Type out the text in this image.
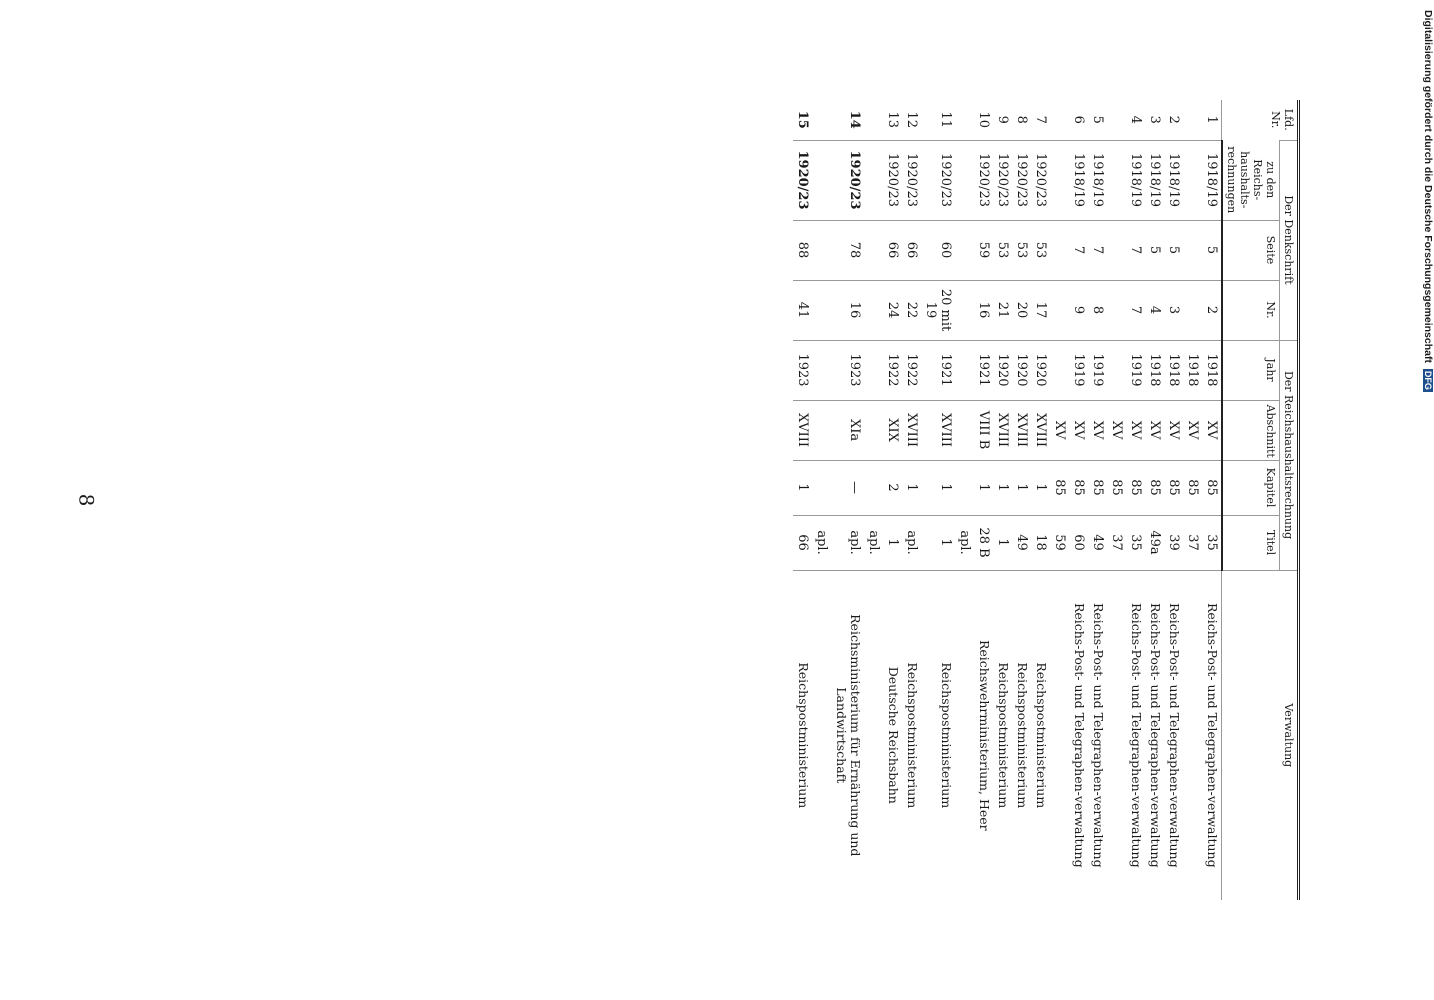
8
Digitalisierung gefördert durch die Deutsche Forschungsgemeinschaft DFG
Lfd. Nr.	Der Denkschrift			Der Reichshaushaltsrechnung				Verwaltung
	zu den Reichs-haushalts-rechnungen	Seite	Nr.	Jahr	Abschnitt	Kapitel	Titel	
1	1918/19	5	2	1918	XV	85	35	Reichs-Post- und Telegraphen-verwaltung
				1918	XV	85	37	
2	1918/19	5	3	1918	XV	85	39	Reichs-Post- und Telegraphen-verwaltung
3	1918/19	5	4	1918	XV	85	49a	Reichs-Post- und Telegraphen-verwaltung
4	1918/19	7	7	1919	XV	85	35	Reichs-Post- und Telegraphen-verwaltung
					XV	85	37	
5	1918/19	7	8	1919	XV	85	49	Reichs-Post- und Telegraphen-verwaltung
6	1918/19	7	9	1919	XV	85	60	Reichs-Post- und Telegraphen-verwaltung
					XV	85	59	
7	1920/23	53	17	1920	XVIII	1	18	Reichspostministerium
8	1920/23	53	20	1920	XVIII	1	49	Reichspostministerium
9	1920/23	53	21	1920	XVIII	1	1	Reichspostministerium
10	1920/23	59	16	1921	VIII B	1	28 B	Reichswehrministerium, Heer
							apl.	
11	1920/23	60	20 mit 19	1921	XVIII	1	1	Reichspostministerium
12	1920/23	66	22	1922	XVIII	1	apl.	Reichspostministerium
13	1920/23	66	24	1922	XIX	2	1	Deutsche Reichsbahn
							apl.	
14	1920/23	78	16	1923	XIa	—	apl.	Reichsministerium für Ernährung und Landwirtschaft
							apl.	
15	1920/23	88	41	1923	XVIII	1	66	Reichspostministerium
